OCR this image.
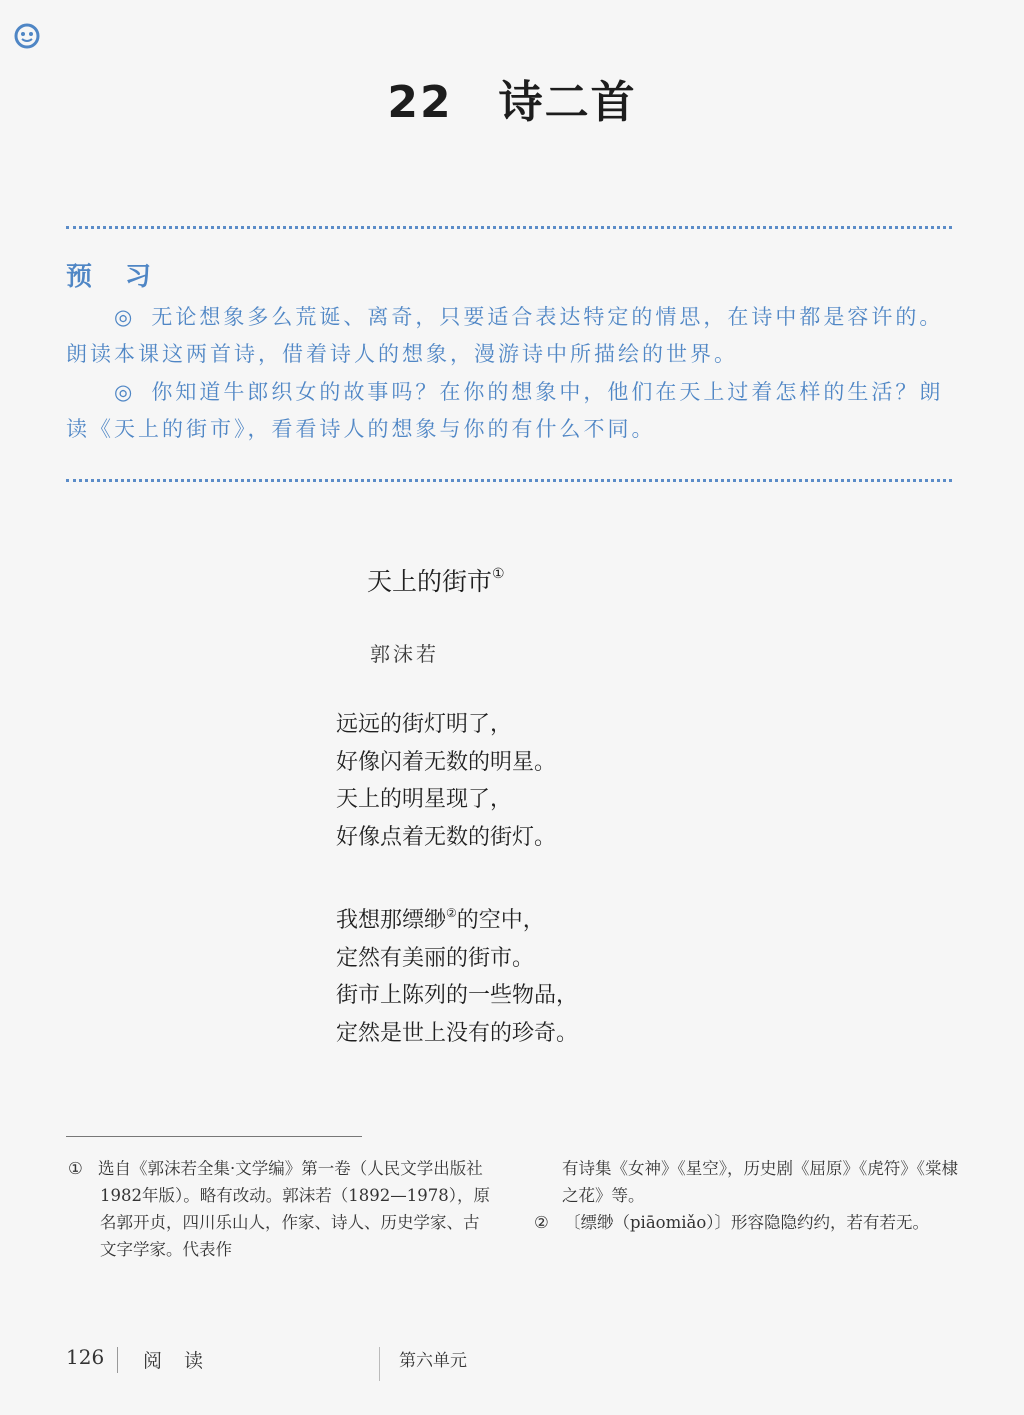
22 诗二首
预 习

◎ 无论想象多么荒诞、离奇，只要适合表达特定的情思，在诗中都是容许的。朗读本课这两首诗，借着诗人的想象，漫游诗中所描绘的世界。

◎ 你知道牛郎织女的故事吗？在你的想象中，他们在天上过着怎样的生活？朗读《天上的街市》，看看诗人的想象与你的有什么不同。

天上的街市①
郭沫若
远远的街灯明了，
好像闪着无数的明星。
天上的明星现了，
好像点着无数的街灯。
我想那缥缈②的空中，
定然有美丽的街市。
街市上陈列的一些物品，
定然是世上没有的珍奇。

① 选自《郭沫若全集·文学编》第一卷（人民文学出版社1982年版）。略有改动。郭沫若（1892—1978），原名郭开贞，四川乐山人，作家、诗人、历史学家、古文字学家。代表作

有诗集《女神》《星空》，历史剧《屈原》《虎符》《棠棣之花》等。

② 〔缥缈（piāomiǎo）〕形容隐隐约约，若有若无。

126 阅 读	第六单元
